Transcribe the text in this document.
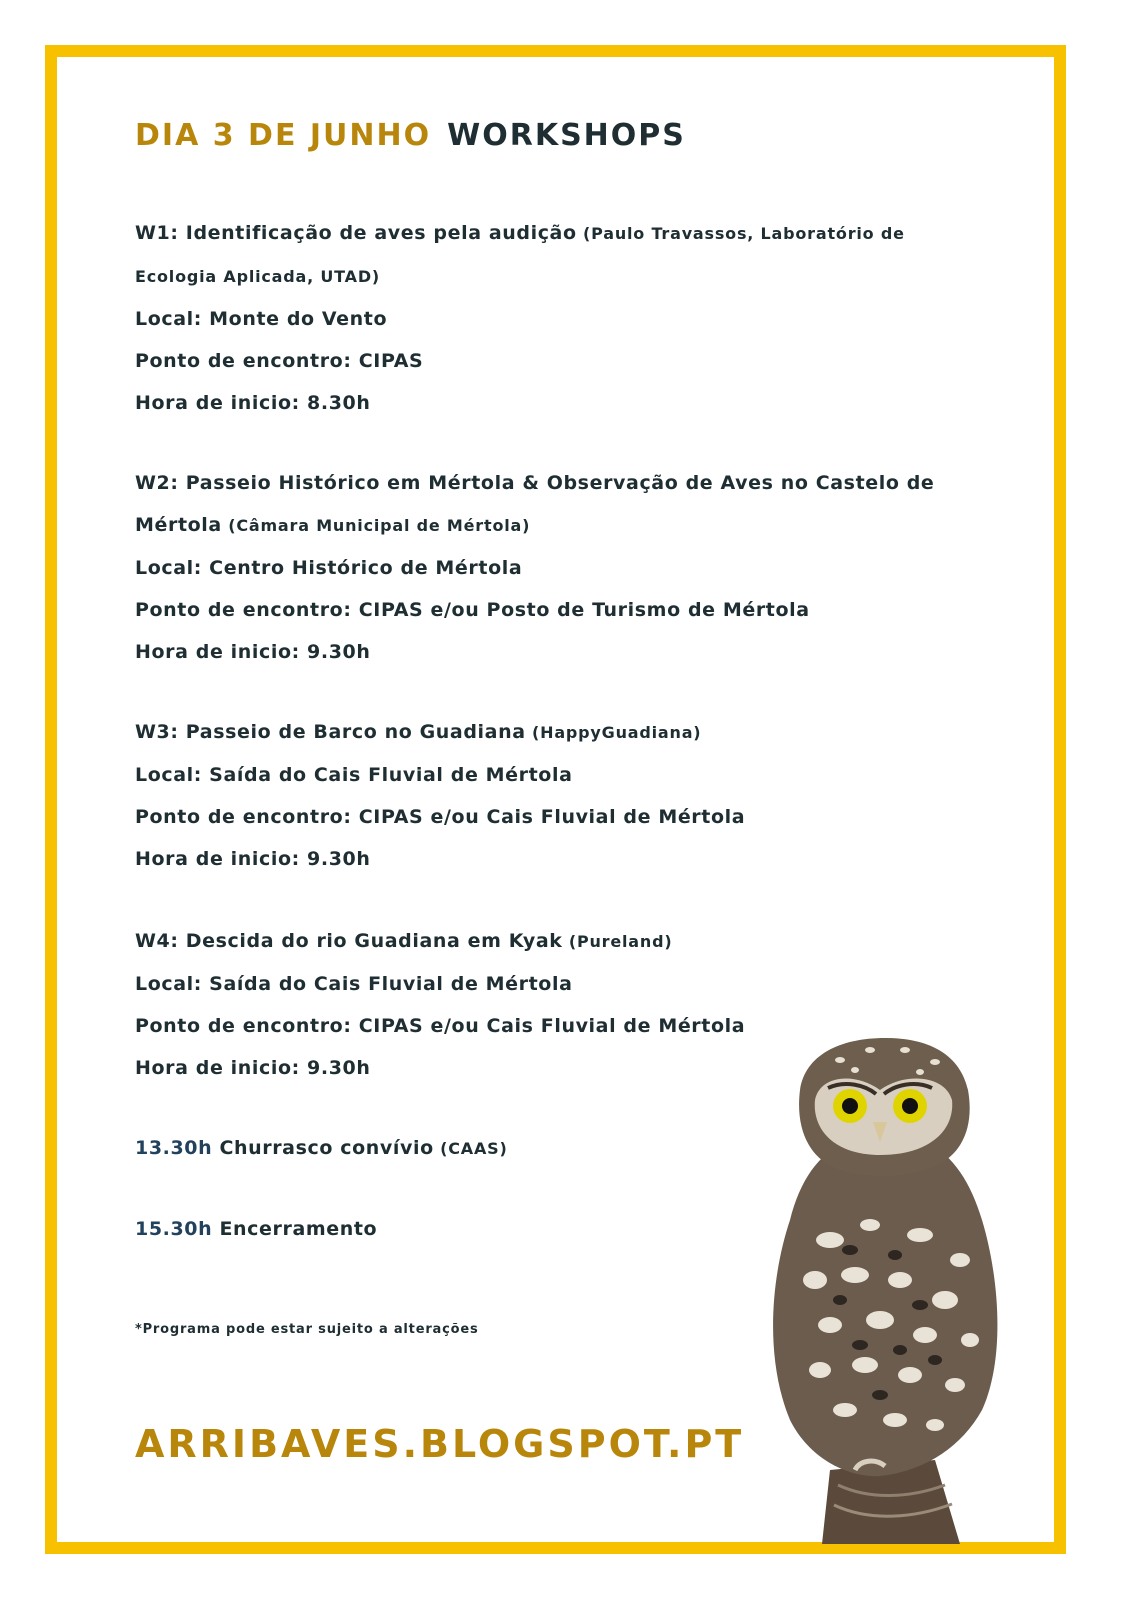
DIA 3 DE JUNHO WORKSHOPS
W1: Identificação de aves pela audição (Paulo Travassos, Laboratório de
Ecologia Aplicada, UTAD)
Local: Monte do Vento
Ponto de encontro: CIPAS
Hora de inicio: 8.30h
W2: Passeio Histórico em Mértola & Observação de Aves no Castelo de
Mértola (Câmara Municipal de Mértola)
Local: Centro Histórico de Mértola
Ponto de encontro: CIPAS e/ou Posto de Turismo de Mértola
Hora de inicio: 9.30h
W3: Passeio de Barco no Guadiana (HappyGuadiana)
Local: Saída do Cais Fluvial de Mértola
Ponto de encontro: CIPAS e/ou Cais Fluvial de Mértola
Hora de inicio: 9.30h
W4: Descida do rio Guadiana em Kyak (Pureland)
Local: Saída do Cais Fluvial de Mértola
Ponto de encontro: CIPAS e/ou Cais Fluvial de Mértola
Hora de inicio: 9.30h
13.30h Churrasco convívio (CAAS)
15.30h Encerramento
*Programa pode estar sujeito a alterações
ARRIBAVES.BLOGSPOT.PT
